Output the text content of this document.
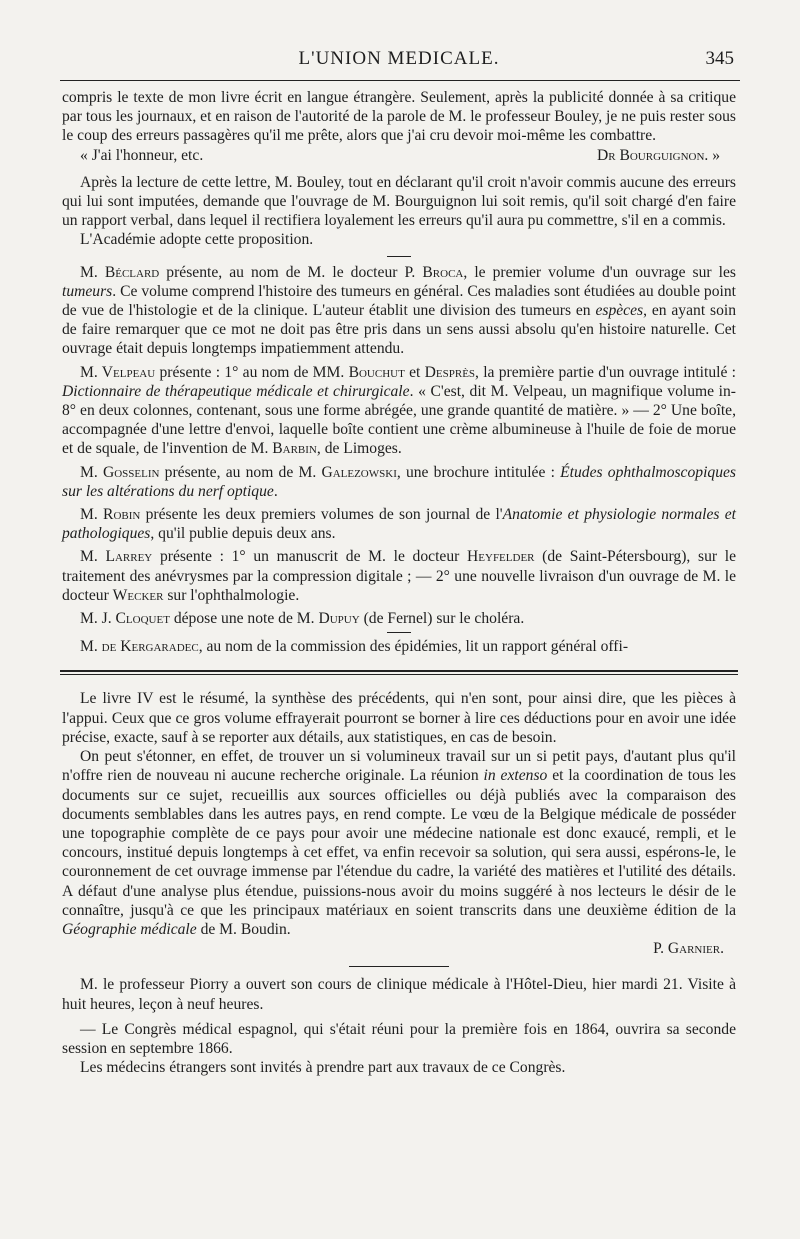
L'UNION MEDICALE.	345

compris le texte de mon livre écrit en langue étrangère. Seulement, après la publicité donnée à sa critique par tous les journaux, et en raison de l'autorité de la parole de M. le professeur Bouley, je ne puis rester sous le coup des erreurs passagères qu'il me prête, alors que j'ai cru devoir moi-même les combattre.

« J'ai l'honneur, etc.	Dr Bourguignon. »

Après la lecture de cette lettre, M. Bouley, tout en déclarant qu'il croit n'avoir commis aucune des erreurs qui lui sont imputées, demande que l'ouvrage de M. Bourguignon lui soit remis, qu'il soit chargé d'en faire un rapport verbal, dans lequel il rectifiera loyalement les erreurs qu'il aura pu commettre, s'il en a commis.

L'Académie adopte cette proposition.

M. Béclard présente, au nom de M. le docteur P. Broca, le premier volume d'un ouvrage sur les tumeurs. Ce volume comprend l'histoire des tumeurs en général. Ces maladies sont étudiées au double point de vue de l'histologie et de la clinique. L'auteur établit une division des tumeurs en espèces, en ayant soin de faire remarquer que ce mot ne doit pas être pris dans un sens aussi absolu qu'en histoire naturelle. Cet ouvrage était depuis longtemps impatiemment attendu.

M. Velpeau présente : 1° au nom de MM. Bouchut et Desprès, la première partie d'un ouvrage intitulé : Dictionnaire de thérapeutique médicale et chirurgicale. « C'est, dit M. Velpeau, un magnifique volume in-8° en deux colonnes, contenant, sous une forme abrégée, une grande quantité de matière. » — 2° Une boîte, accompagnée d'une lettre d'envoi, laquelle boîte contient une crème albumineuse à l'huile de foie de morue et de squale, de l'invention de M. Barbin, de Limoges.

M. Gosselin présente, au nom de M. Galezowski, une brochure intitulée : Études ophthalmoscopiques sur les altérations du nerf optique.

M. Robin présente les deux premiers volumes de son journal de l'Anatomie et physiologie normales et pathologiques, qu'il publie depuis deux ans.

M. Larrey présente : 1° un manuscrit de M. le docteur Heyfelder (de Saint-Pétersbourg), sur le traitement des anévrysmes par la compression digitale ; — 2° une nouvelle livraison d'un ouvrage de M. le docteur Wecker sur l'ophthalmologie.

M. J. Cloquet dépose une note de M. Dupuy (de Fernel) sur le choléra.

M. de Kergaradec, au nom de la commission des épidémies, lit un rapport général offi-

Le livre IV est le résumé, la synthèse des précédents, qui n'en sont, pour ainsi dire, que les pièces à l'appui. Ceux que ce gros volume effrayerait pourront se borner à lire ces déductions pour en avoir une idée précise, exacte, sauf à se reporter aux détails, aux statistiques, en cas de besoin.

On peut s'étonner, en effet, de trouver un si volumineux travail sur un si petit pays, d'autant plus qu'il n'offre rien de nouveau ni aucune recherche originale. La réunion in extenso et la coordination de tous les documents sur ce sujet, recueillis aux sources officielles ou déjà publiés avec la comparaison des documents semblables dans les autres pays, en rend compte. Le vœu de la Belgique médicale de posséder une topographie complète de ce pays pour avoir une médecine nationale est donc exaucé, rempli, et le concours, institué depuis longtemps à cet effet, va enfin recevoir sa solution, qui sera aussi, espérons-le, le couronnement de cet ouvrage immense par l'étendue du cadre, la variété des matières et l'utilité des détails. A défaut d'une analyse plus étendue, puissions-nous avoir du moins suggéré à nos lecteurs le désir de le connaître, jusqu'à ce que les principaux matériaux en soient transcrits dans une deuxième édition de la Géographie médicale de M. Boudin.

P. Garnier.

M. le professeur Piorry a ouvert son cours de clinique médicale à l'Hôtel-Dieu, hier mardi 21. Visite à huit heures, leçon à neuf heures.

— Le Congrès médical espagnol, qui s'était réuni pour la première fois en 1864, ouvrira sa seconde session en septembre 1866.

Les médecins étrangers sont invités à prendre part aux travaux de ce Congrès.
